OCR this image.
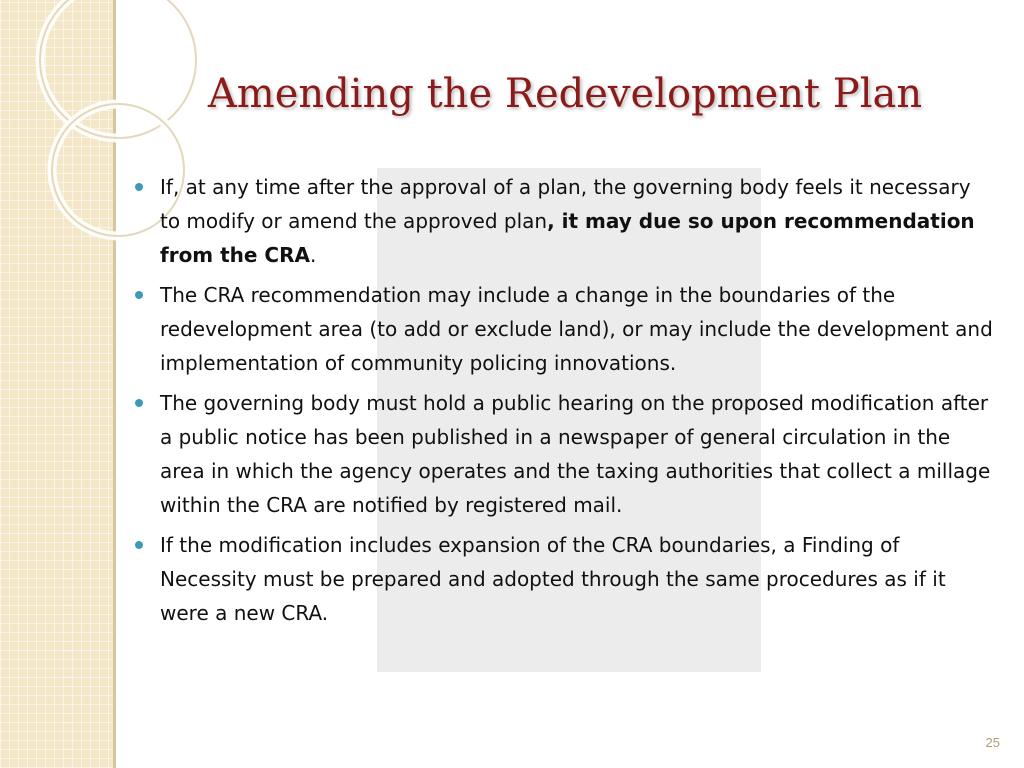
Amending the Redevelopment Plan
If, at any time after the approval of a plan, the governing body feels it necessary to modify or amend the approved plan, it may due so upon recommendation from the CRA.
The CRA recommendation may include a change in the boundaries of the redevelopment area (to add or exclude land), or may include the development and implementation of community policing innovations.
The governing body must hold a public hearing on the proposed modification after a public notice has been published in a newspaper of general circulation in the area in which the agency operates and the taxing authorities that collect a millage within the CRA are notified by registered mail.
If the modification includes expansion of the CRA boundaries, a Finding of Necessity must be prepared and adopted through the same procedures as if it were a new CRA.
25
